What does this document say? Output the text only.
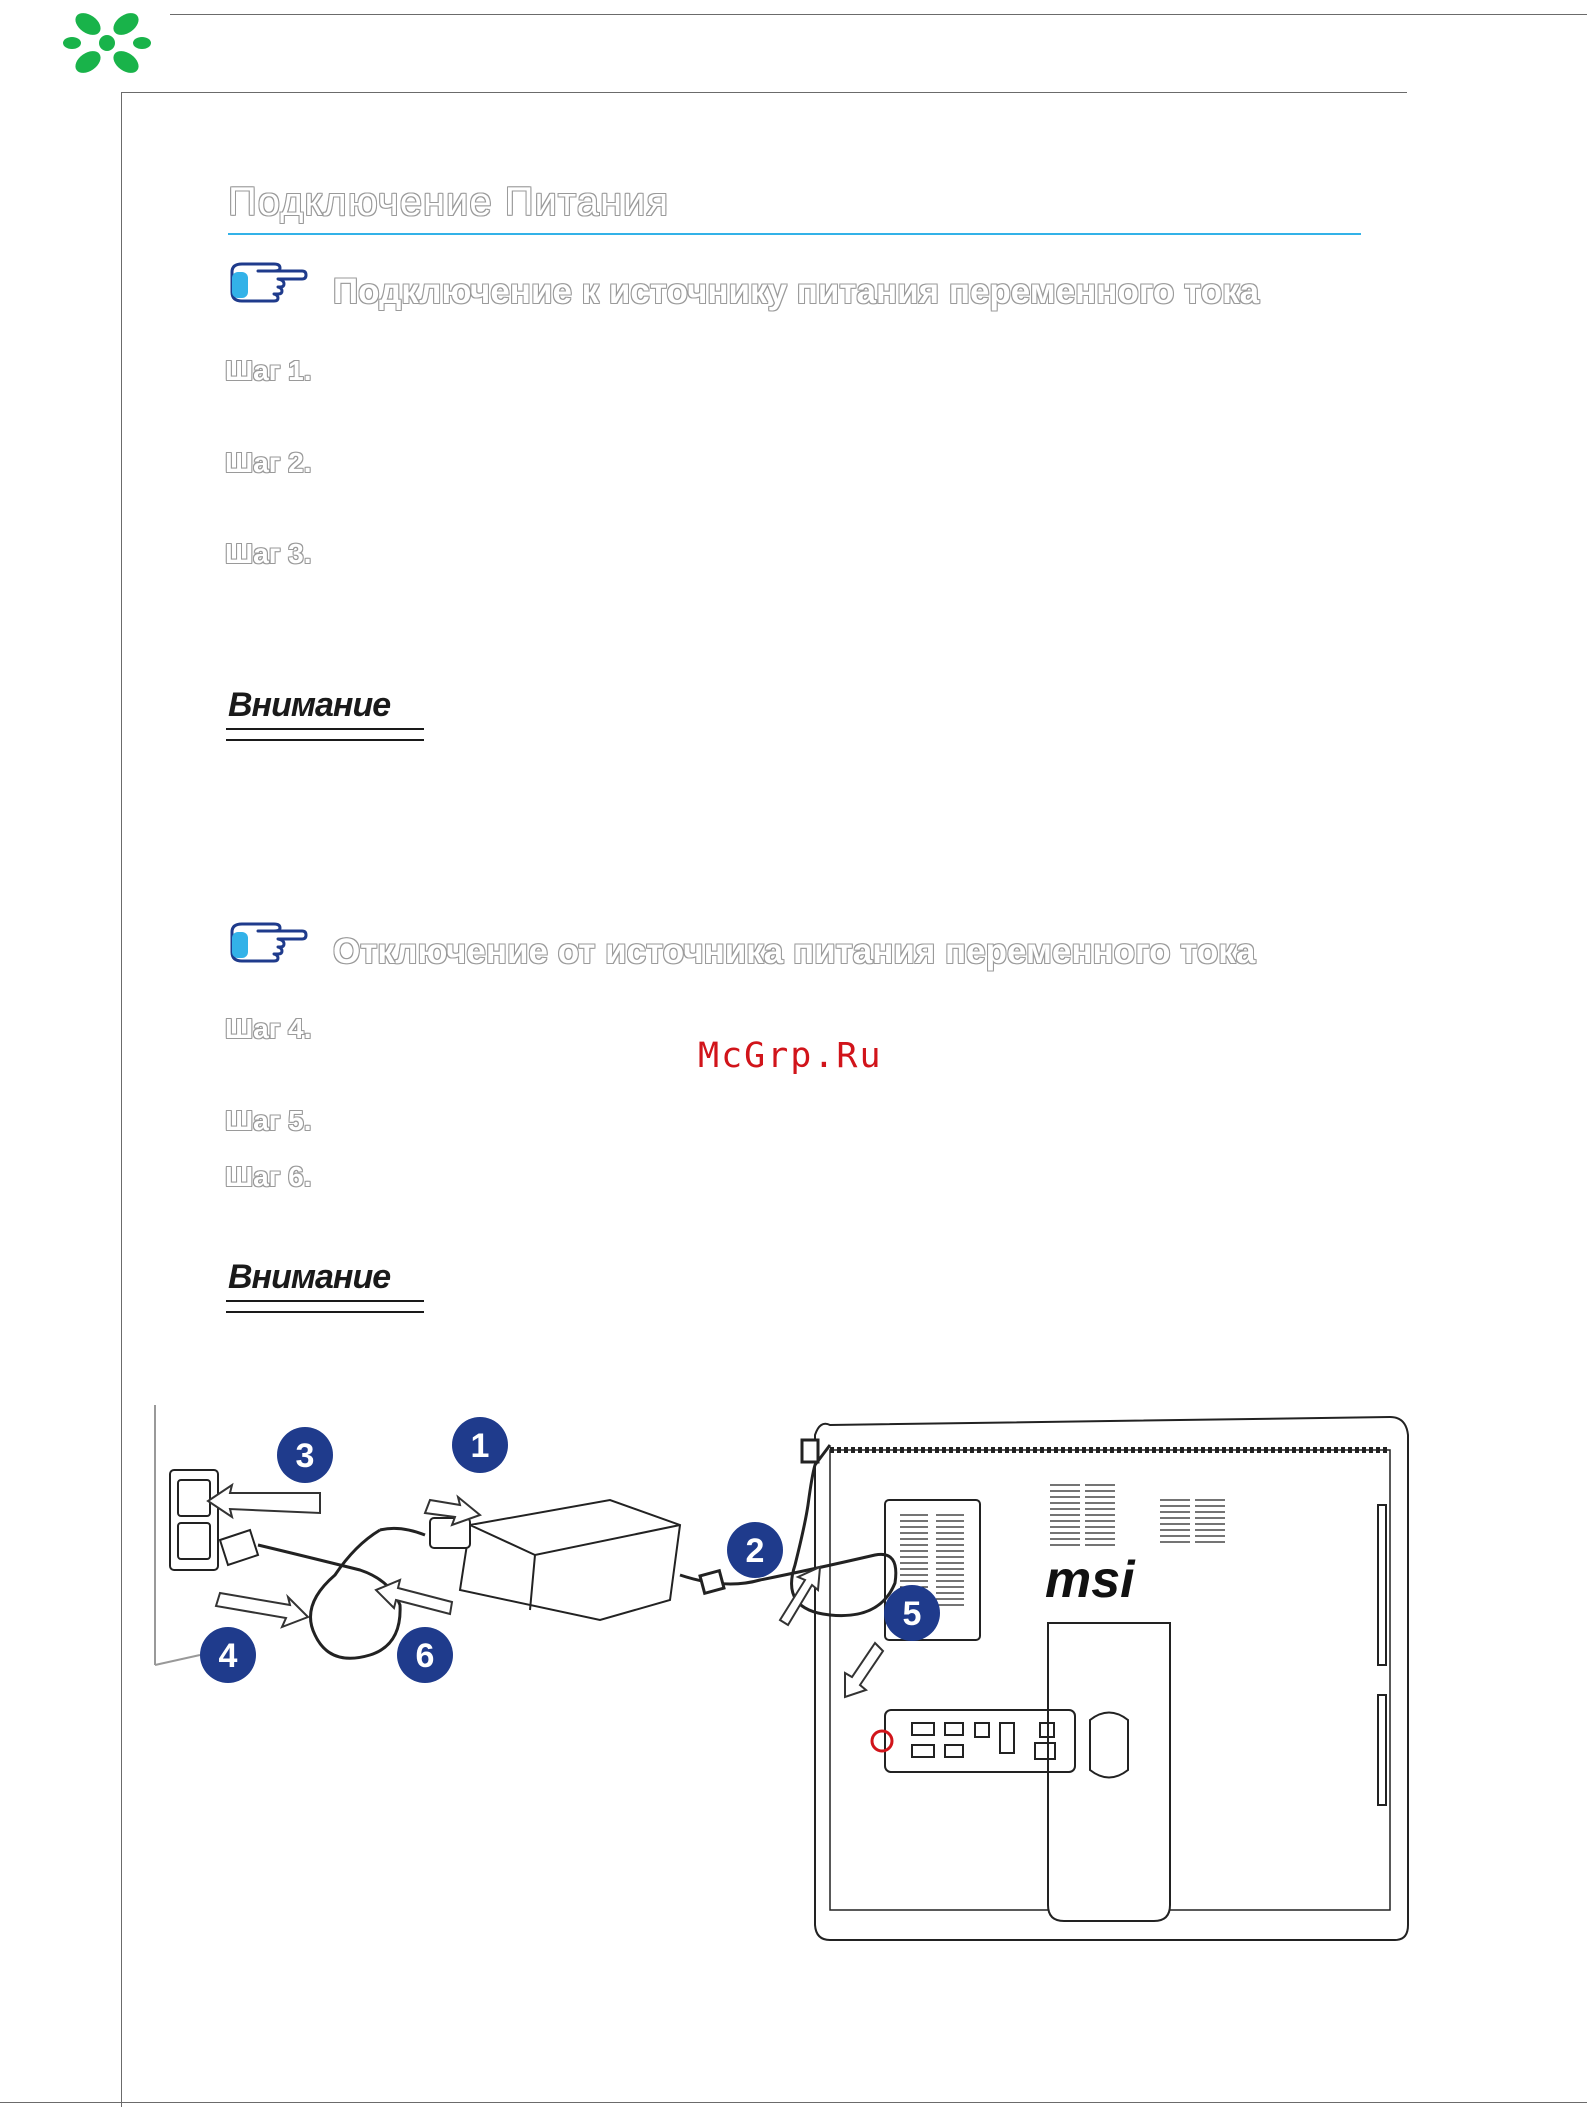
Подключение Питания
Подключение к источнику питания переменного тока
Шаг 1.
Шаг 2.
Шаг 3.
Внимание
Отключение от источника питания переменного тока
Шаг 4.
McGrp.Ru
Шаг 5.
Шаг 6.
Внимание
msi
1
2
3
4
5
6
